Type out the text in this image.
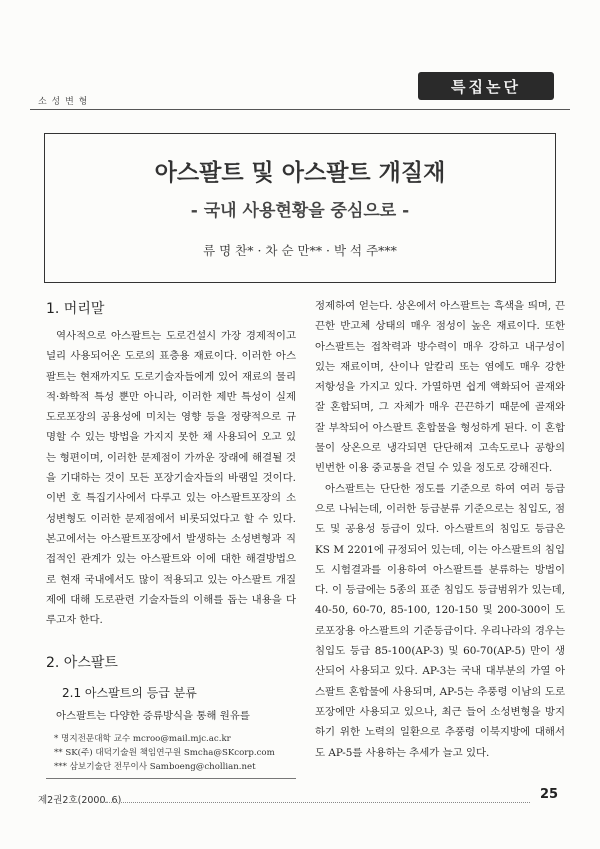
소 성 변 형
특집논단
아스팔트 및 아스팔트 개질재
- 국내 사용현황을 중심으로 -
류 명 찬* · 차 순 만** · 박 석 주***
1. 머리말

역사적으로 아스팔트는 도로건설시 가장 경제적이고 널리 사용되어온 도로의 표층용 재료이다. 이러한 아스팔트는 현재까지도 도로기술자들에게 있어 재료의 물리적·화학적 특성 뿐만 아니라, 이러한 제반 특성이 실제 도로포장의 공용성에 미치는 영향 등을 정량적으로 규명할 수 있는 방법을 가지지 못한 채 사용되어 오고 있는 형편이며, 이러한 문제점이 가까운 장래에 해결될 것을 기대하는 것이 모든 포장기술자들의 바램일 것이다. 이번 호 특집기사에서 다루고 있는 아스팔트포장의 소성변형도 이러한 문제점에서 비롯되었다고 할 수 있다. 본고에서는 아스팔트포장에서 발생하는 소성변형과 직접적인 관계가 있는 아스팔트와 이에 대한 해결방법으로 현재 국내에서도 많이 적용되고 있는 아스팔트 개질제에 대해 도로관련 기술자들의 이해를 돕는 내용을 다루고자 한다.

2. 아스팔트
2.1 아스팔트의 등급 분류

아스팔트는 다양한 증류방식을 통해 원유를

* 명지전문대학 교수 mcroo@mail.mjc.ac.kr
** SK(주) 대덕기술원 책임연구원 Smcha@SKcorp.com
*** 삼보기술단 전무이사 Samboeng@chollian.net

정제하여 얻는다. 상온에서 아스팔트는 흑색을 띄며, 끈끈한 반고체 상태의 매우 점성이 높은 재료이다. 또한 아스팔트는 접착력과 방수력이 매우 강하고 내구성이 있는 재료이며, 산이나 알칼리 또는 염에도 매우 강한 저항성을 가지고 있다. 가열하면 쉽게 액화되어 골재와 잘 혼합되며, 그 자체가 매우 끈끈하기 때문에 골재와 잘 부착되어 아스팔트 혼합물을 형성하게 된다. 이 혼합물이 상온으로 냉각되면 단단해져 고속도로나 공항의 빈번한 이용 중교통을 견딜 수 있을 정도로 강해진다.

아스팔트는 단단한 정도를 기준으로 하여 여러 등급으로 나눠는데, 이러한 등급분류 기준으로는 침입도, 점도 및 공용성 등급이 있다. 아스팔트의 침입도 등급은 KS M 2201에 규정되어 있는데, 이는 아스팔트의 침입도 시험결과를 이용하여 아스팔트를 분류하는 방법이다. 이 등급에는 5종의 표준 침입도 등급범위가 있는데, 40-50, 60-70, 85-100, 120-150 및 200-300이 도로포장용 아스팔트의 기준등급이다. 우리나라의 경우는 침입도 등급 85-100(AP-3) 및 60-70(AP-5) 만이 생산되어 사용되고 있다. AP-3는 국내 대부분의 가열 아스팔트 혼합물에 사용되며, AP-5는 추풍령 이남의 도로포장에만 사용되고 있으나, 최근 들어 소성변형을 방지하기 위한 노력의 일환으로 추풍령 이북지방에 대해서도 AP-5를 사용하는 추세가 늘고 있다.

제2권2호(2000. 6)	25
